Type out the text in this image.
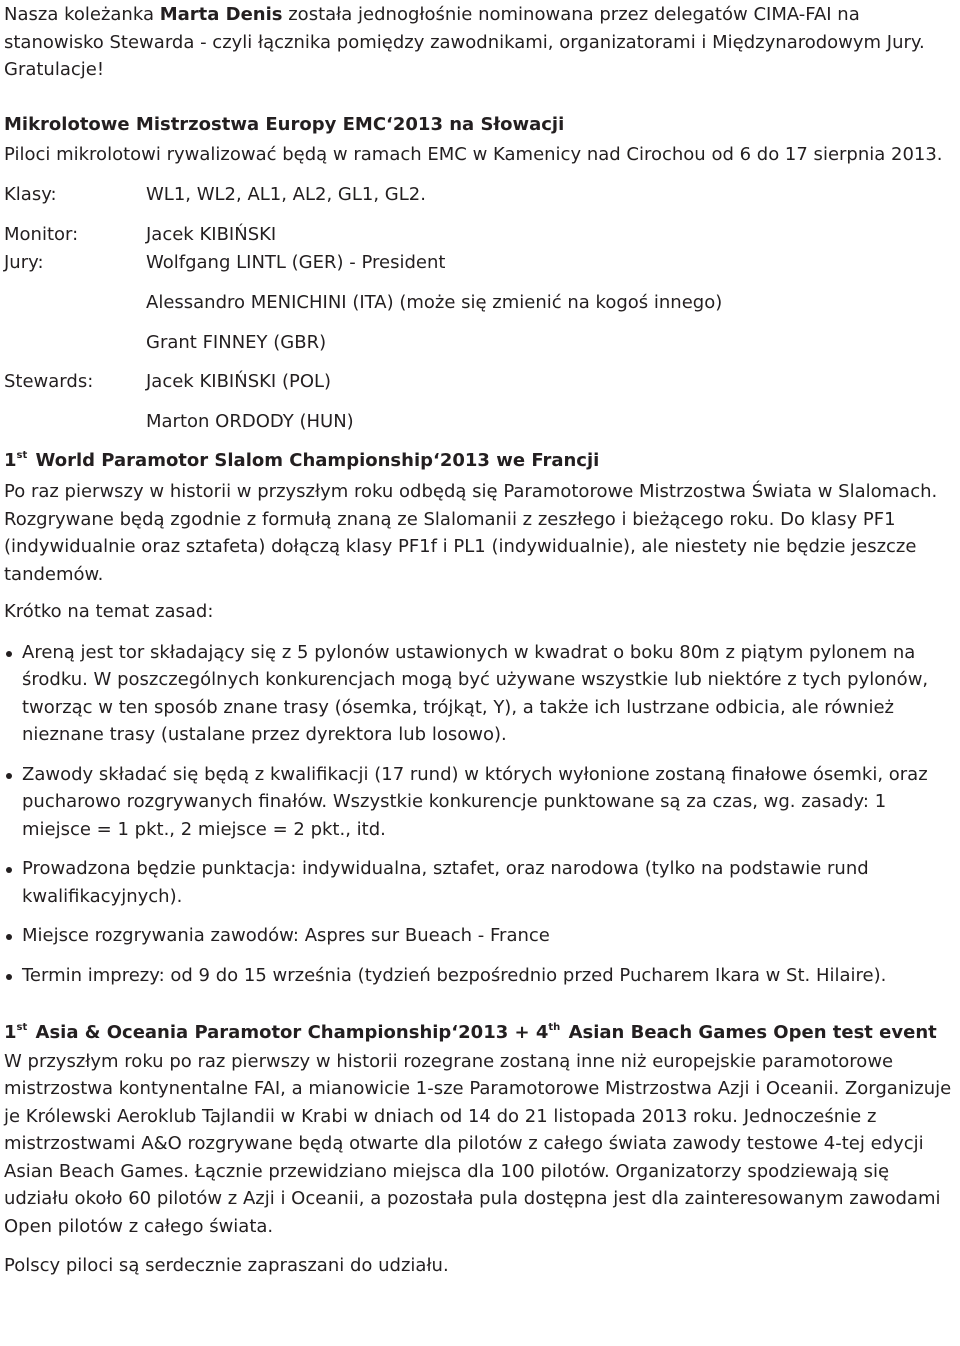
Nasza koleżanka Marta Denis została jednogłośnie nominowana przez delegatów CIMA-FAI na stanowisko Stewarda - czyli łącznika pomiędzy zawodnikami, organizatorami i Międzynarodowym Jury.
Gratulacje!

Mikrolotowe Mistrzostwa Europy EMC‘2013 na Słowacji

Piloci mikrolotowi rywalizować będą w ramach EMC w Kamenicy nad Cirochou od 6 do 17 sierpnia 2013.

Klasy:	WL1, WL2, AL1, AL2, GL1, GL2.
Monitor:	Jacek KIBIŃSKI
Jury:	Wolfgang LINTL (GER) - President
Alessandro MENICHINI (ITA) (może się zmienić na kogoś innego)
Grant FINNEY (GBR)
Stewards:	Jacek KIBIŃSKI (POL)
Marton ORDODY (HUN)

1st World Paramotor Slalom Championship‘2013 we Francji

Po raz pierwszy w historii w przyszłym roku odbędą się Paramotorowe Mistrzostwa Świata w Slalomach. Rozgrywane będą zgodnie z formułą znaną ze Slalomanii z zeszłego i bieżącego roku. Do klasy PF1 (indywidualnie oraz sztafeta) dołączą klasy PF1f i PL1 (indywidualnie), ale niestety nie będzie jeszcze tandemów.

Krótko na temat zasad:

Areną jest tor składający się z 5 pylonów ustawionych w kwadrat o boku 80m z piątym pylonem na środku. W poszczególnych konkurencjach mogą być używane wszystkie lub niektóre z tych pylonów, tworząc w ten sposób znane trasy (ósemka, trójkąt, Y), a także ich lustrzane odbicia, ale również nieznane trasy (ustalane przez dyrektora lub losowo).
Zawody składać się będą z kwalifikacji (17 rund) w których wyłonione zostaną finałowe ósemki, oraz pucharowo rozgrywanych finałów. Wszystkie konkurencje punktowane są za czas, wg. zasady: 1 miejsce = 1 pkt., 2 miejsce = 2 pkt., itd.
Prowadzona będzie punktacja: indywidualna, sztafet, oraz narodowa (tylko na podstawie rund kwalifikacyjnych).
Miejsce rozgrywania zawodów: Aspres sur Bueach - France
Termin imprezy: od 9 do 15 września (tydzień bezpośrednio przed Pucharem Ikara w St. Hilaire).

1st Asia & Oceania Paramotor Championship‘2013 + 4th Asian Beach Games Open test event

W przyszłym roku po raz pierwszy w historii rozegrane zostaną inne niż europejskie paramotorowe mistrzostwa kontynentalne FAI, a mianowicie 1-sze Paramotorowe Mistrzostwa Azji i Oceanii. Zorganizuje je Królewski Aeroklub Tajlandii w Krabi w dniach od 14 do 21 listopada 2013 roku. Jednocześnie z mistrzostwami A&O rozgrywane będą otwarte dla pilotów z całego świata zawody testowe 4-tej edycji Asian Beach Games. Łącznie przewidziano miejsca dla 100 pilotów. Organizatorzy spodziewają się udziału około 60 pilotów z Azji i Oceanii, a pozostała pula dostępna jest dla zainteresowanym zawodami Open pilotów z całego świata.

Polscy piloci są serdecznie zapraszani do udziału.
